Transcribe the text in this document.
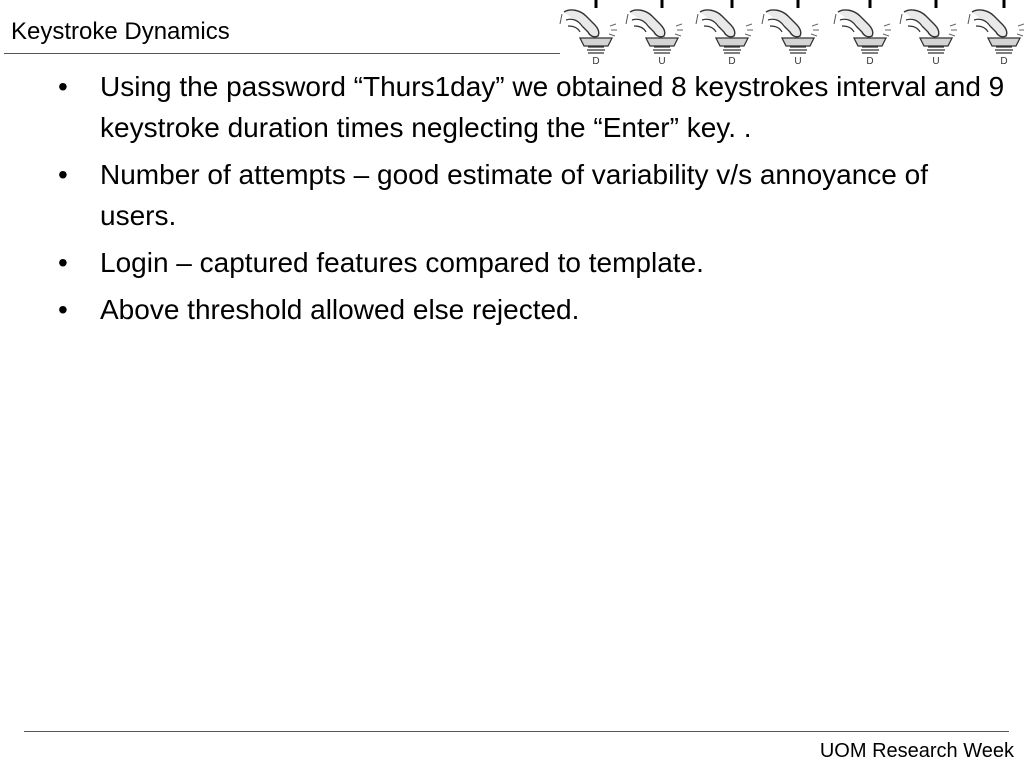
Keystroke Dynamics
D	U	D	U	D	U	D
• Using the password “Thurs1day” we obtained 8 keystrokes interval and 9 keystroke duration times neglecting the “Enter” key. .
• Number of attempts – good estimate of variability v/s annoyance of users.
• Login – captured features compared to template.
• Above threshold allowed else rejected.
UOM Research Week
